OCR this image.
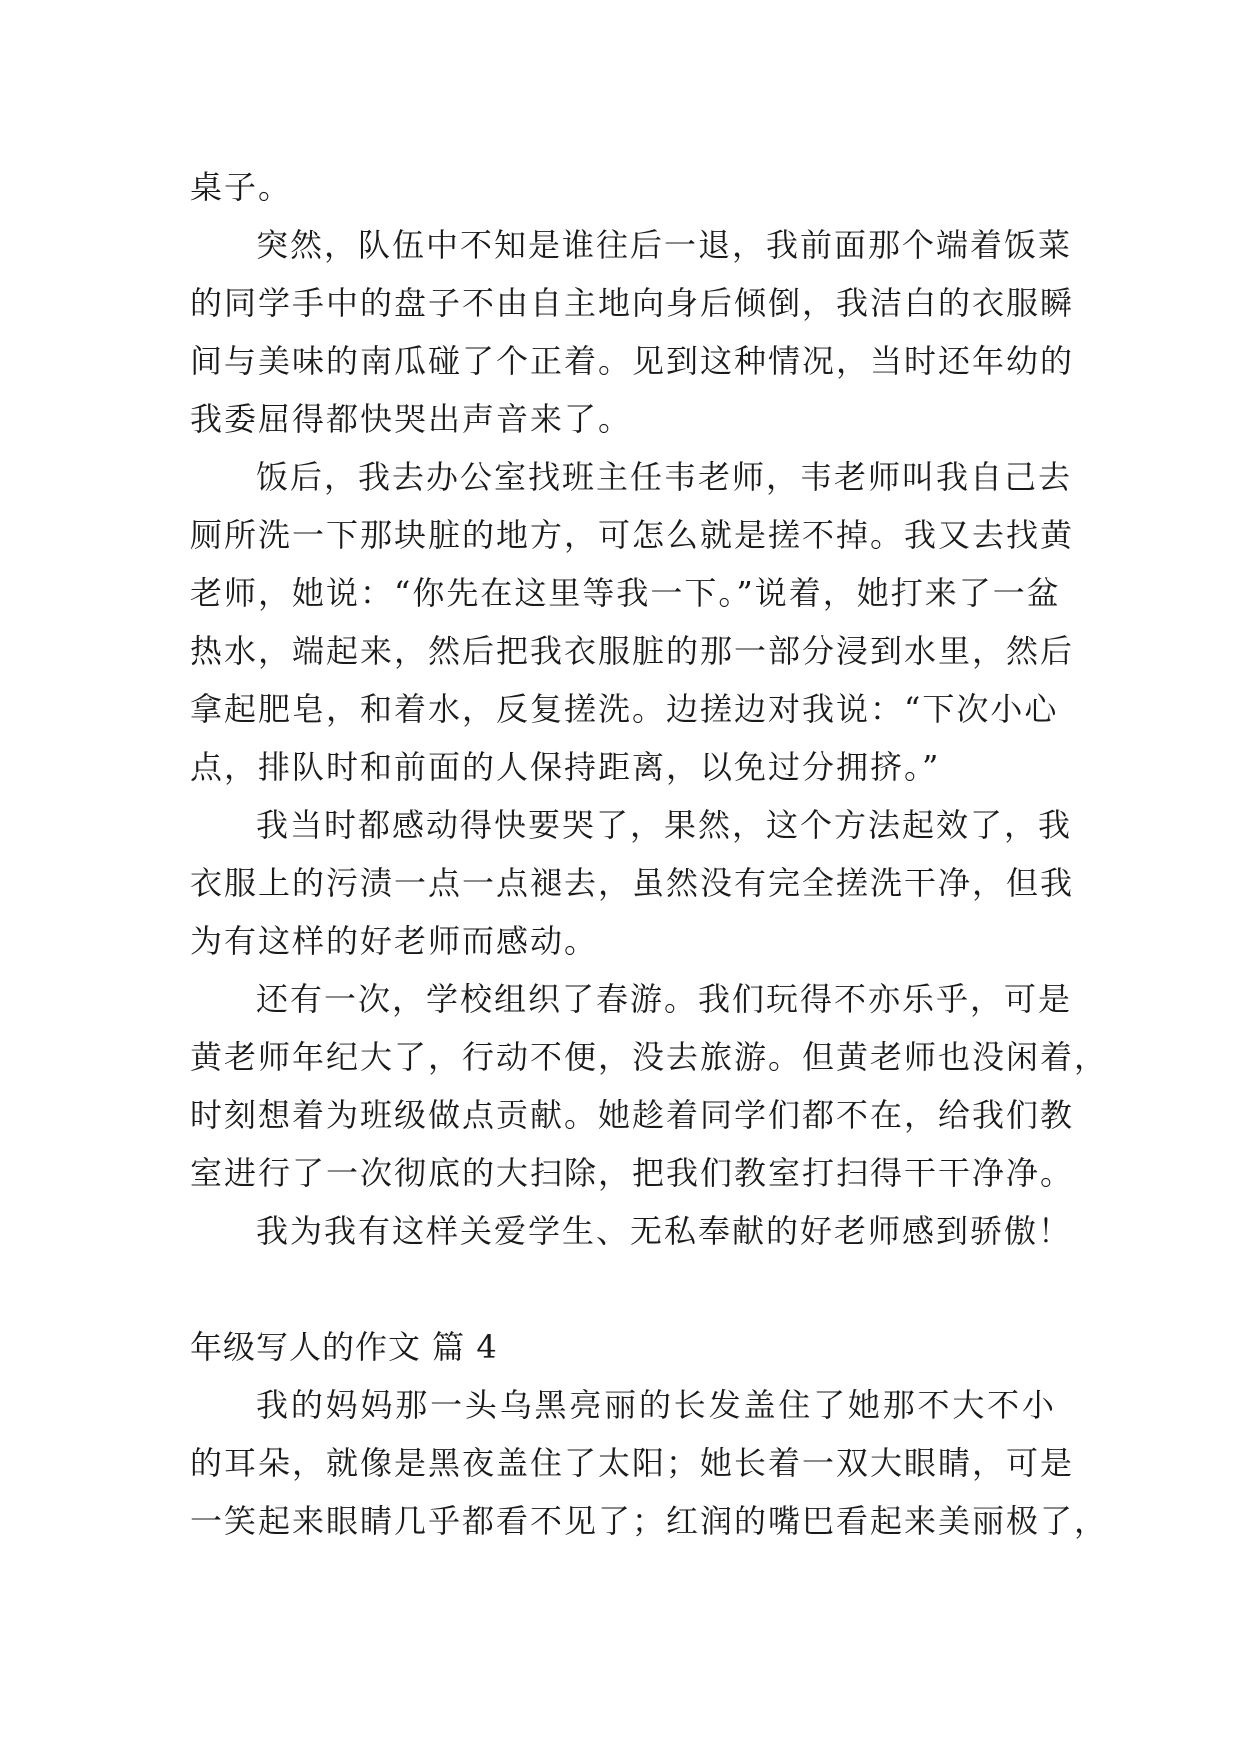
桌子。
突然，队伍中不知是谁往后一退，我前面那个端着饭菜
的同学手中的盘子不由自主地向身后倾倒，我洁白的衣服瞬
间与美味的南瓜碰了个正着。见到这种情况，当时还年幼的
我委屈得都快哭出声音来了。
饭后，我去办公室找班主任韦老师，韦老师叫我自己去
厕所洗一下那块脏的地方，可怎么就是搓不掉。我又去找黄
老师，她说：“你先在这里等我一下。”说着，她打来了一盆
热水，端起来，然后把我衣服脏的那一部分浸到水里，然后
拿起肥皂，和着水，反复搓洗。边搓边对我说：“下次小心
点，排队时和前面的人保持距离，以免过分拥挤。”
我当时都感动得快要哭了，果然，这个方法起效了，我
衣服上的污渍一点一点褪去，虽然没有完全搓洗干净，但我
为有这样的好老师而感动。
还有一次，学校组织了春游。我们玩得不亦乐乎，可是
黄老师年纪大了，行动不便，没去旅游。但黄老师也没闲着，
时刻想着为班级做点贡献。她趁着同学们都不在，给我们教
室进行了一次彻底的大扫除，把我们教室打扫得干干净净。
我为我有这样关爱学生、无私奉献的好老师感到骄傲！
年级写人的作文 篇 4
我的妈妈那一头乌黑亮丽的长发盖住了她那不大不小
的耳朵，就像是黑夜盖住了太阳；她长着一双大眼睛，可是
一笑起来眼睛几乎都看不见了；红润的嘴巴看起来美丽极了，
